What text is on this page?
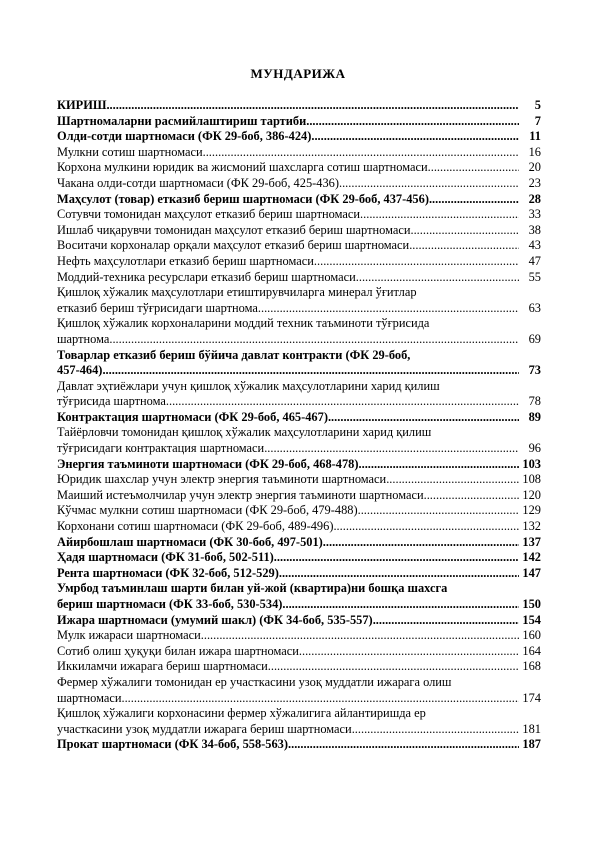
МУНДАРИЖА
КИРИШ .....	5
Шартномаларни расмийлаштириш тартиби .....	7
Олди-сотди шартномаси (ФК 29-боб, 386-424) .....	11
Мулкни сотиш шартномаси .....	16
Корхона мулкини юридик ва жисмоний шахсларга сотиш шартномаси .....	20
Чакана олди-сотди шартномаси (ФК 29-боб, 425-436) .....	23
Маҳсулот (товар) етказиб бериш шартномаси (ФК 29-боб, 437-456) .....	28
Сотувчи томонидан маҳсулот етказиб бериш шартномаси .....	33
Ишлаб чиқарувчи томонидан маҳсулот етказиб бериш шартномаси .....	38
Воситачи корхоналар орқали маҳсулот етказиб бериш шартномаси .....	43
Нефть маҳсулотлари етказиб бериш шартномаси .....	47
Моддий-техника ресурслари етказиб бериш шартномаси .....	55
Қишлоқ хўжалик маҳсулотлари етиштирувчиларга минерал ўғитлар
етказиб бериш тўғрисидаги шартнома .....	63
Қишлоқ хўжалик корхоналарини моддий техник таъминоти тўғрисида
шартнома .....	69
Товарлар етказиб бериш бўйича давлат контракти (ФК 29-боб,
457-464) .....	73
Давлат эҳтиёжлари учун қишлоқ хўжалик маҳсулотларини харид қилиш
тўғрисида шартнома .....	78
Контрактация шартномаси (ФК 29-боб, 465-467) .....	89
Тайёрловчи томонидан қишлоқ хўжалик маҳсулотларини харид қилиш
тўғрисидаги контрактация шартномаси .....	96
Энергия таъминоти шартномаси (ФК 29-боб, 468-478) .....	103
Юридик шахслар учун электр энергия таъминоти шартномаси .....	108
Маиший истеъмолчилар учун электр энергия таъминоти шартномаси .....	120
Кўчмас мулкни сотиш шартномаси (ФК 29-боб, 479-488) .....	129
Корхонани сотиш шартномаси (ФК 29-боб, 489-496) .....	132
Айирбошлаш шартномаси (ФК 30-боб, 497-501) .....	137
Ҳадя шартномаси (ФК 31-боб, 502-511) .....	142
Рента шартномаси (ФК 32-боб, 512-529) .....	147
Умрбод таъминлаш шарти билан уй-жой (квартира)ни бошқа шахсга
бериш шартномаси (ФК 33-боб, 530-534) .....	150
Ижара шартномаси (умумий шакл) (ФК 34-боб, 535-557) .....	154
Мулк ижараси шартномаси .....	160
Сотиб олиш ҳуқуқи билан ижара шартномаси .....	164
Иккиламчи ижарага бериш шартномаси .....	168
Фермер хўжалиги томонидан ер участкасини узоқ муддатли ижарага олиш
шартномаси .....	174
Қишлоқ хўжалиги корхонасини фермер хўжалигига айлантиришда ер
участкасини узоқ муддатли ижарага бериш шартномаси .....	181
Прокат шартномаси (ФК 34-боб, 558-563) .....	187
